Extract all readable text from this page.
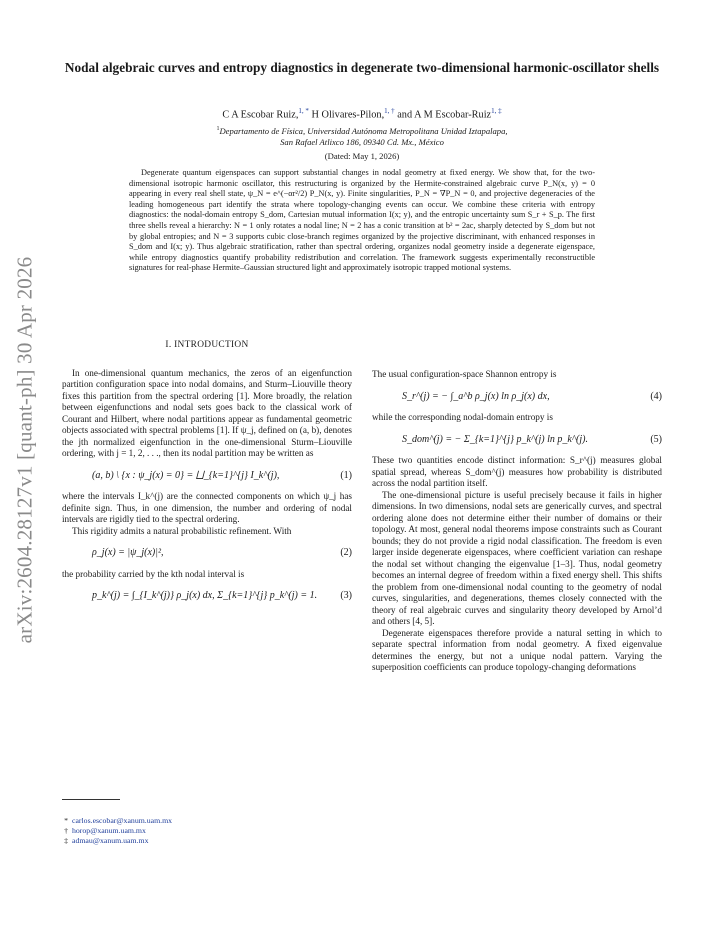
arXiv:2604.28127v1 [quant-ph] 30 Apr 2026
Nodal algebraic curves and entropy diagnostics in degenerate two-dimensional harmonic-oscillator shells
C A Escobar Ruiz,$^{1, *}$ H Olivares-Pilon,$^{1, \dagger}$ and A M Escobar-Ruiz$^{1, \ddagger}$
$^1$Departamento de Física, Universidad Autónoma Metropolitana Unidad Iztapalapa,
San Rafael Atlixco 186, 09340 Cd. Mx., México
(Dated: May 1, 2026)
Degenerate quantum eigenspaces can support substantial changes in nodal geometry at fixed energy. We show that, for the two-dimensional isotropic harmonic oscillator, this restructuring is organized by the Hermite-constrained algebraic curve P_N(x, y) = 0 appearing in every real shell state, ψ_N = e^(−αr²/2) P_N(x, y). Finite singularities, P_N = ∇P_N = 0, and projective degeneracies of the leading homogeneous part identify the strata where topology-changing events can occur. We combine these criteria with entropy diagnostics: the nodal-domain entropy S_dom, Cartesian mutual information I(x; y), and the entropic uncertainty sum S_r + S_p. The first three shells reveal a hierarchy: N = 1 only rotates a nodal line; N = 2 has a conic transition at b² = 2ac, sharply detected by S_dom but not by global entropies; and N = 3 supports cubic close-branch regimes organized by the projective discriminant, with enhanced responses in S_dom and I(x; y). Thus algebraic stratification, rather than spectral ordering, organizes nodal geometry inside a degenerate eigenspace, while entropy diagnostics quantify probability redistribution and correlation. The framework suggests experimentally reconstructible signatures for real-phase Hermite–Gaussian structured light and approximately isotropic trapped motional systems.
I. INTRODUCTION

In one-dimensional quantum mechanics, the zeros of an eigenfunction partition configuration space into nodal domains, and Sturm–Liouville theory fixes this partition from the spectral ordering [1]. More broadly, the relation between eigenfunctions and nodal sets goes back to the classical work of Courant and Hilbert, where nodal partitions appear as fundamental geometric objects associated with spectral problems [1]. If ψ_j, defined on (a, b), denotes the jth normalized eigenfunction in the one-dimensional Sturm–Liouville ordering, with j = 1, 2, . . ., then its nodal partition may be written as

(a, b) \ {x : ψ_j(x) = 0} = ⨆_{k=1}^{j} I_k^(j),	(1)

where the intervals I_k^(j) are the connected components on which ψ_j has definite sign. Thus, in one dimension, the number and ordering of nodal intervals are rigidly tied to the spectral ordering.

This rigidity admits a natural probabilistic refinement. With

ρ_j(x) = |ψ_j(x)|²,	(2)

the probability carried by the kth nodal interval is

p_k^(j) = ∫_{I_k^(j)} ρ_j(x) dx, Σ_{k=1}^{j} p_k^(j) = 1.	(3)

The usual configuration-space Shannon entropy is

S_r^(j) = − ∫_a^b ρ_j(x) ln ρ_j(x) dx,	(4)

while the corresponding nodal-domain entropy is

S_dom^(j) = − Σ_{k=1}^{j} p_k^(j) ln p_k^(j).	(5)

These two quantities encode distinct information: S_r^(j) measures global spatial spread, whereas S_dom^(j) measures how probability is distributed across the nodal partition itself.

The one-dimensional picture is useful precisely because it fails in higher dimensions. In two dimensions, nodal sets are generically curves, and spectral ordering alone does not determine either their number of domains or their topology. At most, general nodal theorems impose constraints such as Courant bounds; they do not provide a rigid nodal classification. The freedom is even larger inside degenerate eigenspaces, where coefficient variation can reshape the nodal set without changing the eigenvalue [1–3]. Thus, nodal geometry becomes an internal degree of freedom within a fixed energy shell. This shifts the problem from one-dimensional nodal counting to the geometry of nodal curves, singularities, and degenerations, themes closely connected with the theory of real algebraic curves and singularity theory developed by Arnol’d and others [4, 5].

Degenerate eigenspaces therefore provide a natural setting in which to separate spectral information from nodal geometry. A fixed eigenvalue determines the energy, but not a unique nodal pattern. Varying the superposition coefficients can produce topology-changing deformations

* carlos.escobar@xanum.uam.mx
† horop@xanum.uam.mx
‡ admau@xanum.uam.mx
